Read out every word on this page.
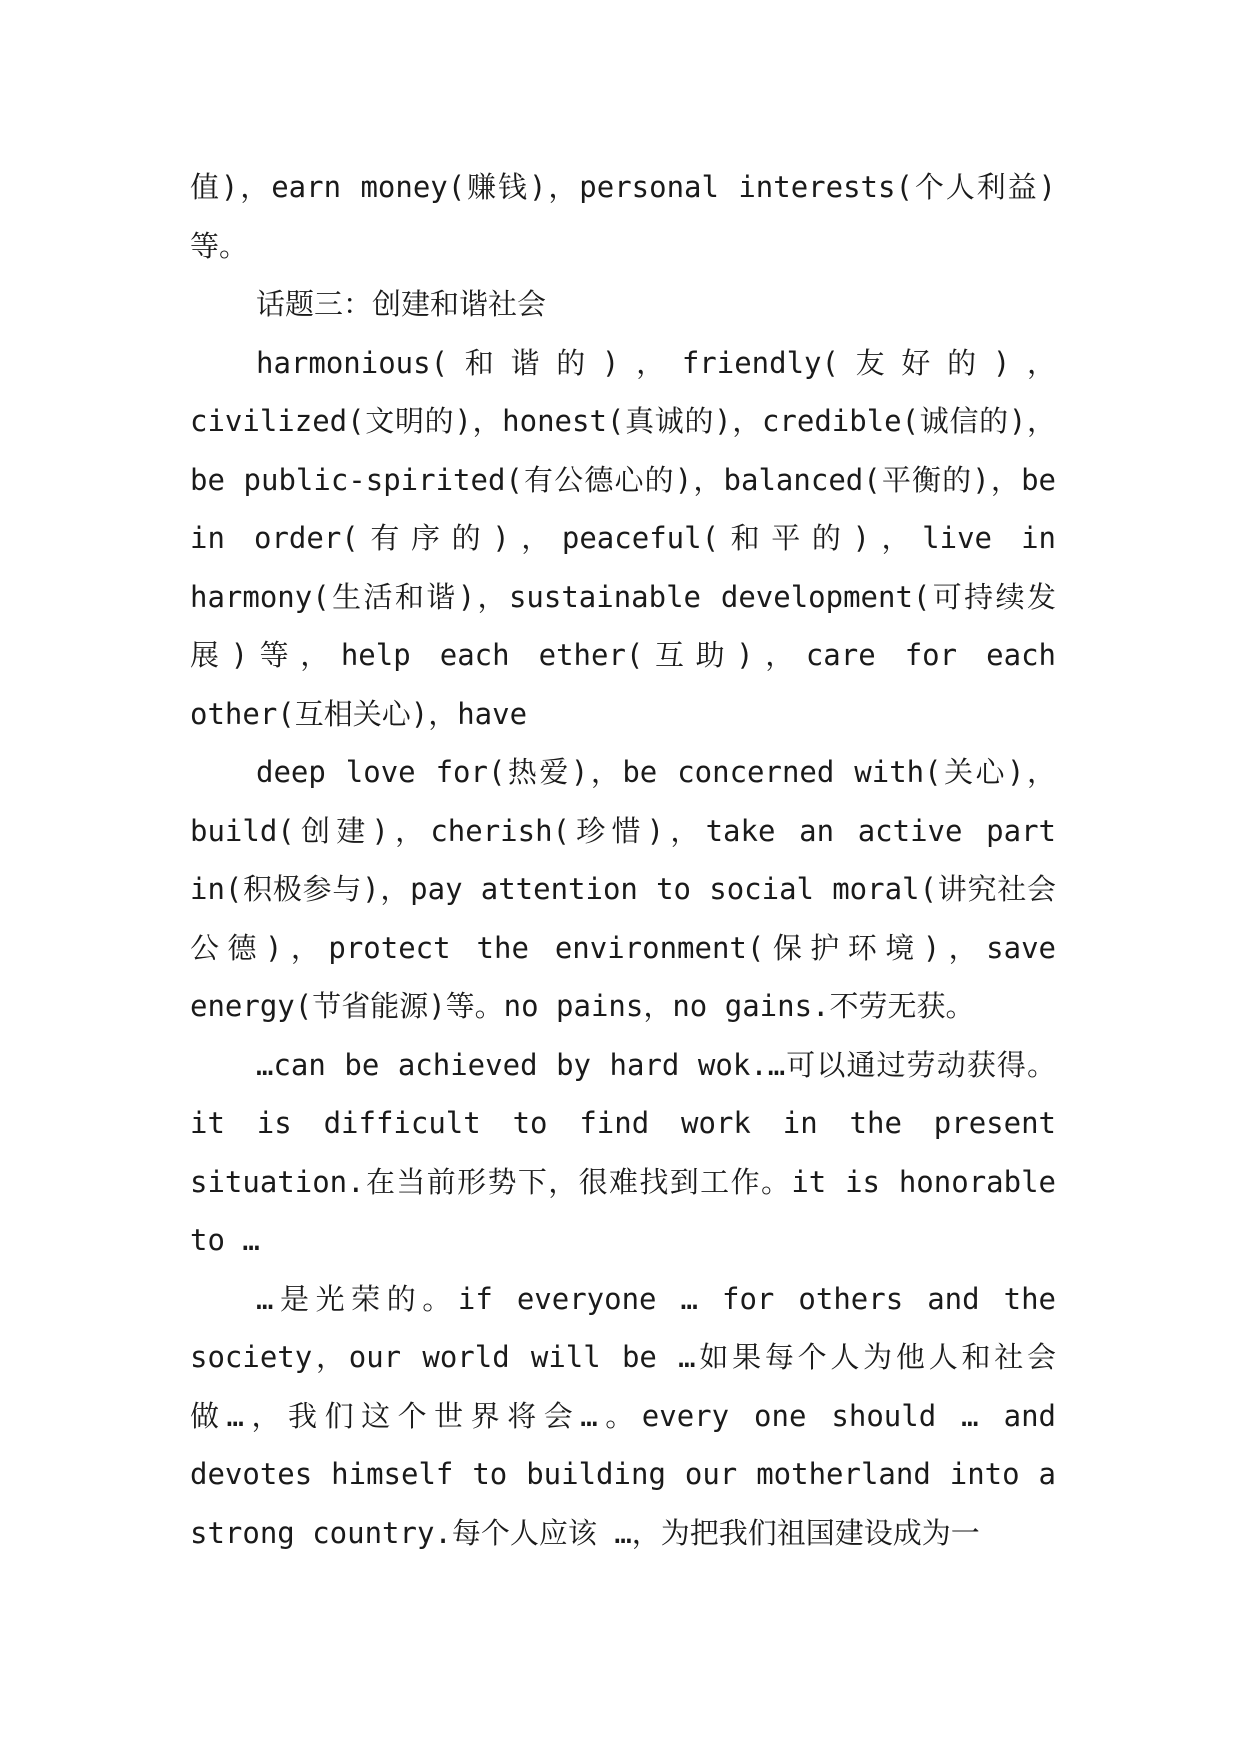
值)，earn money(赚钱)，personal interests(个人利益)等。

话题三：创建和谐社会

harmonious(和谐的)，friendly(友好的)，civilized(文明的)，honest(真诚的)，credible(诚信的)，be public-spirited(有公德心的)，balanced(平衡的)，be in order(有序的)，peaceful(和平的)，live in harmony(生活和谐)，sustainable development(可持续发展)等，help each ether(互助)，care for each other(互相关心)，have

deep love for(热爱)，be concerned with(关心)，build(创建)，cherish(珍惜)，take an active part in(积极参与)，pay attention to social moral(讲究社会公德)，protect the environment(保护环境)，save energy(节省能源)等。no pains，no gains.不劳无获。

…can be achieved by hard wok.…可以通过劳动获得。it is difficult to find work in the present situation.在当前形势下，很难找到工作。it is honorable to …

…是光荣的。if everyone … for others and the society，our world will be …如果每个人为他人和社会做…，我们这个世界将会…。every one should … and devotes himself to building our motherland into a strong country.每个人应该 …，为把我们祖国建设成为一
